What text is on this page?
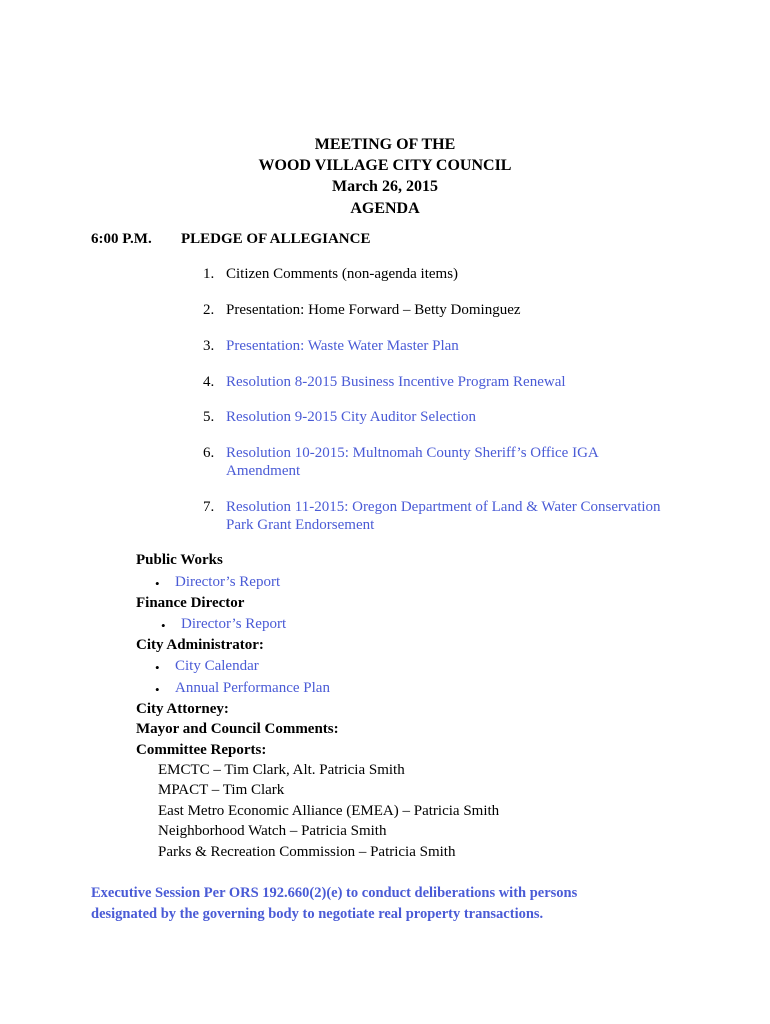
MEETING OF THE
WOOD VILLAGE CITY COUNCIL
March 26, 2015
AGENDA
6:00 P.M. PLEDGE OF ALLEGIANCE
1. Citizen Comments (non-agenda items)
2. Presentation: Home Forward – Betty Dominguez
3. Presentation: Waste Water Master Plan
4. Resolution 8-2015 Business Incentive Program Renewal
5. Resolution 9-2015 City Auditor Selection
6. Resolution 10-2015: Multnomah County Sheriff’s Office IGA
Amendment
7. Resolution 11-2015: Oregon Department of Land & Water Conservation
Park Grant Endorsement
Public Works
• Director’s Report
Finance Director
• Director’s Report
City Administrator:
• City Calendar
• Annual Performance Plan
City Attorney:
Mayor and Council Comments:
Committee Reports:
EMCTC – Tim Clark, Alt. Patricia Smith
MPACT – Tim Clark
East Metro Economic Alliance (EMEA) – Patricia Smith
Neighborhood Watch – Patricia Smith
Parks & Recreation Commission – Patricia Smith
Executive Session Per ORS 192.660(2)(e) to conduct deliberations with persons
designated by the governing body to negotiate real property transactions.
